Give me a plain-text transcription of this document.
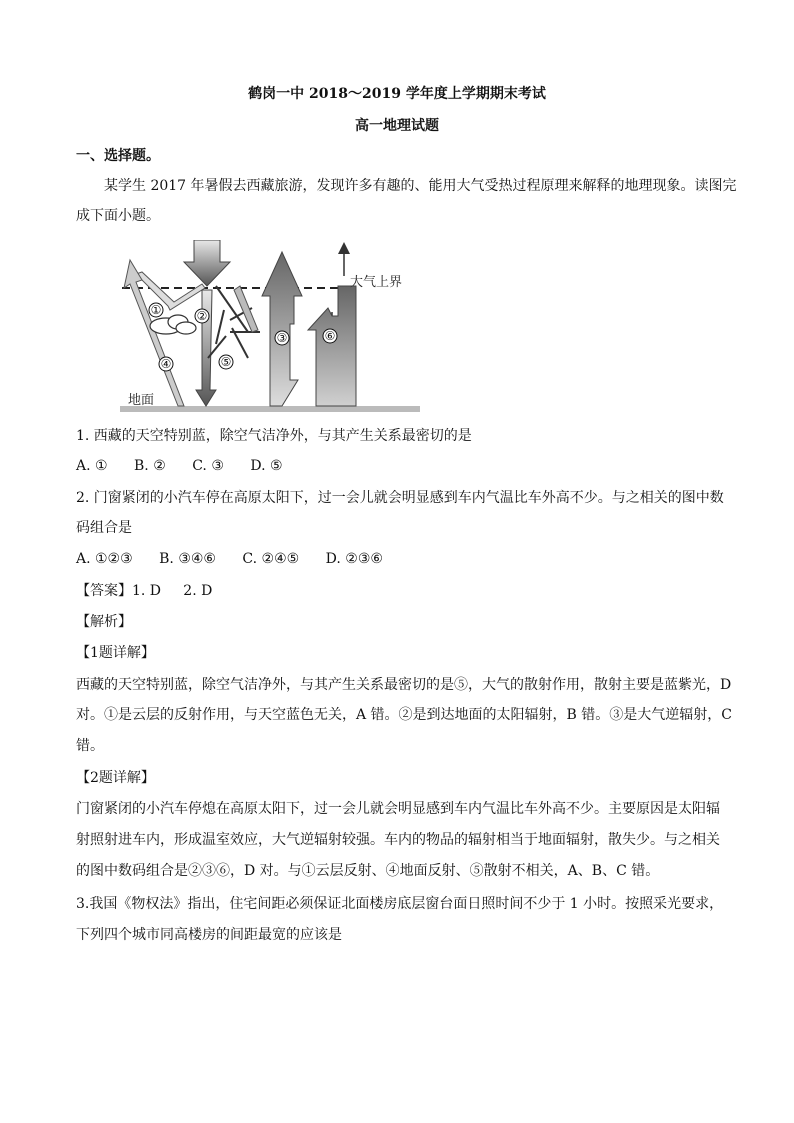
鹤岗一中 2018～2019 学年度上学期期末考试
高一地理试题
一、选择题。
某学生 2017 年暑假去西藏旅游，发现许多有趣的、能用大气受热过程原理来解释的地理现象。读图完
成下面小题。
①	②
③
④	⑤
⑥
大气上界
地面
1. 西藏的天空特别蓝，除空气洁净外，与其产生关系最密切的是
A. ① B. ② C. ③ D. ⑤
2. 门窗紧闭的小汽车停在高原太阳下，过一会儿就会明显感到车内气温比车外高不少。与之相关的图中数
码组合是
A. ①②③ B. ③④⑥ C. ②④⑤ D. ②③⑥
【答案】1. D     2. D
【解析】
【1题详解】
西藏的天空特别蓝，除空气洁净外，与其产生关系最密切的是⑤，大气的散射作用，散射主要是蓝紫光，D
对。①是云层的反射作用，与天空蓝色无关，A 错。②是到达地面的太阳辐射，B 错。③是大气逆辐射，C
错。
【2题详解】
门窗紧闭的小汽车停熄在高原太阳下，过一会儿就会明显感到车内气温比车外高不少。主要原因是太阳辐
射照射进车内，形成温室效应，大气逆辐射较强。车内的物品的辐射相当于地面辐射，散失少。与之相关
的图中数码组合是②③⑥，D 对。与①云层反射、④地面反射、⑤散射不相关，A、B、C 错。
3.我国《物权法》指出，住宅间距必须保证北面楼房底层窗台面日照时间不少于 1 小时。按照采光要求，
下列四个城市同高楼房的间距最宽的应该是
